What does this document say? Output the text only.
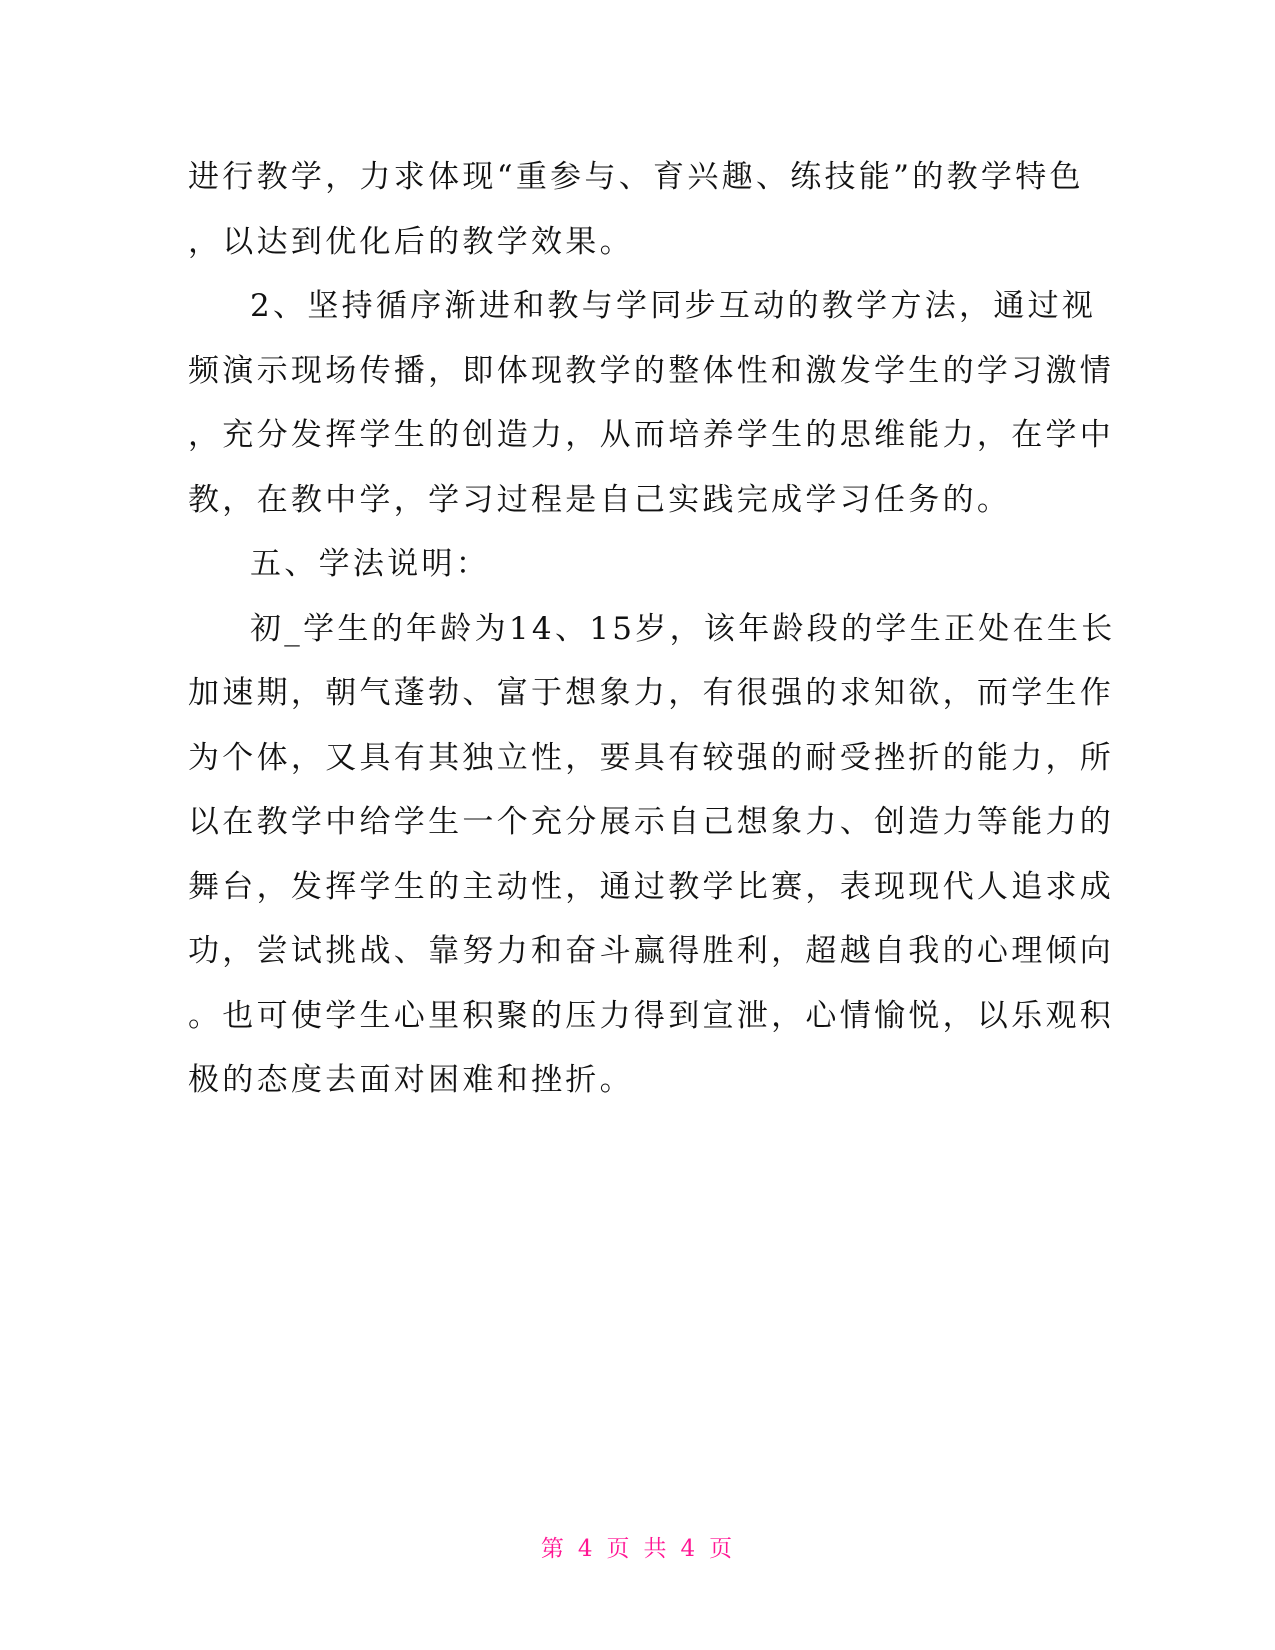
进行教学，力求体现“重参与、育兴趣、练技能”的教学特色
，以达到优化后的教学效果。
2、坚持循序渐进和教与学同步互动的教学方法，通过视
频演示现场传播，即体现教学的整体性和激发学生的学习激情
，充分发挥学生的创造力，从而培养学生的思维能力，在学中
教，在教中学，学习过程是自己实践完成学习任务的。
五、学法说明：
初_学生的年龄为14、15岁，该年龄段的学生正处在生长
加速期，朝气蓬勃、富于想象力，有很强的求知欲，而学生作
为个体，又具有其独立性，要具有较强的耐受挫折的能力，所
以在教学中给学生一个充分展示自己想象力、创造力等能力的
舞台，发挥学生的主动性，通过教学比赛，表现现代人追求成
功，尝试挑战、靠努力和奋斗赢得胜利，超越自我的心理倾向
。也可使学生心里积聚的压力得到宣泄，心情愉悦，以乐观积
极的态度去面对困难和挫折。
第 4 页 共 4 页
